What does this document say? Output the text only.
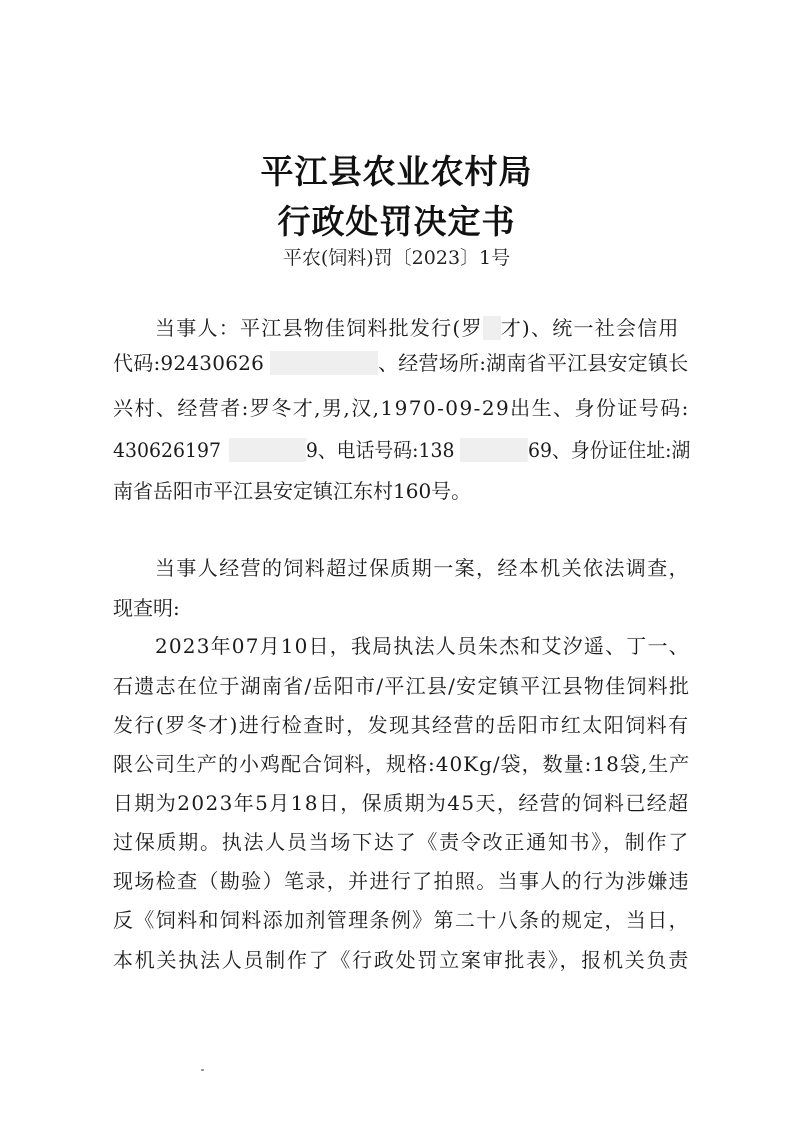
平江县农业农村局
行政处罚决定书
平农(饲料)罚〔2023〕1号
当事人：平江县物佳饲料批发行(罗 才)、统一社会信用
代码:92430626	、经营场所:湖南省平江县安定镇长
兴村、经营者:罗冬才,男,汉,1970-09-29出生、身份证号码:
430626197	9、电话号码:138	69、身份证住址:湖
南省岳阳市平江县安定镇江东村160号。
当事人经营的饲料超过保质期一案，经本机关依法调查，
现查明:
2023年07月10日，我局执法人员朱杰和艾汐遥、丁一、
石遗志在位于湖南省/岳阳市/平江县/安定镇平江县物佳饲料批
发行(罗冬才)进行检查时，发现其经营的岳阳市红太阳饲料有
限公司生产的小鸡配合饲料，规格:40Kg/袋，数量:18袋,生产
日期为2023年5月18日，保质期为45天，经营的饲料已经超
过保质期。执法人员当场下达了《责令改正通知书》，制作了
现场检查（勘验）笔录，并进行了拍照。当事人的行为涉嫌违
反《饲料和饲料添加剂管理条例》第二十八条的规定，当日，
本机关执法人员制作了《行政处罚立案审批表》，报机关负责
